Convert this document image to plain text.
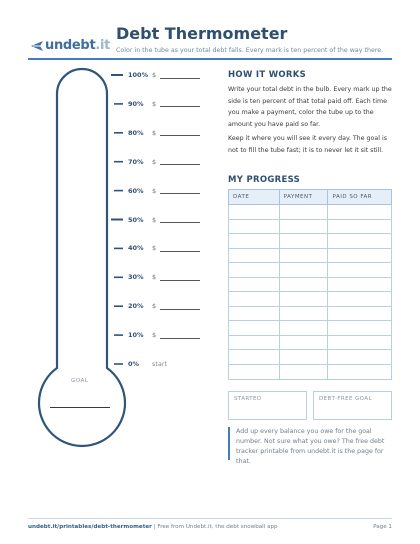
undebt.it
Debt Thermometer
Color in the tube as your total debt falls. Every mark is ten percent of the way there.
100% $
90%	$
80%	$
70%	$
60%	$
50%	$
40%	$
30%	$
20%	$
10%	$
0%	start
GOAL
HOW IT WORKS
Write your total debt in the bulb. Every mark up the side is ten percent of that total paid off. Each time you make a payment, color the tube up to the amount you have paid so far.
Keep it where you will see it every day. The goal is not to fill the tube fast; it is to never let it sit still.
MY PROGRESS
DATE	PAYMENT	PAID SO FAR

STARTED	DEBT-FREE GOAL
Add up every balance you owe for the goal number. Not sure what you owe? The free debt tracker printable from undebt.it is the page for that.
undebt.it/printables/debt-thermometer | Free from Undebt.it, the debt snowball app	Page 1
